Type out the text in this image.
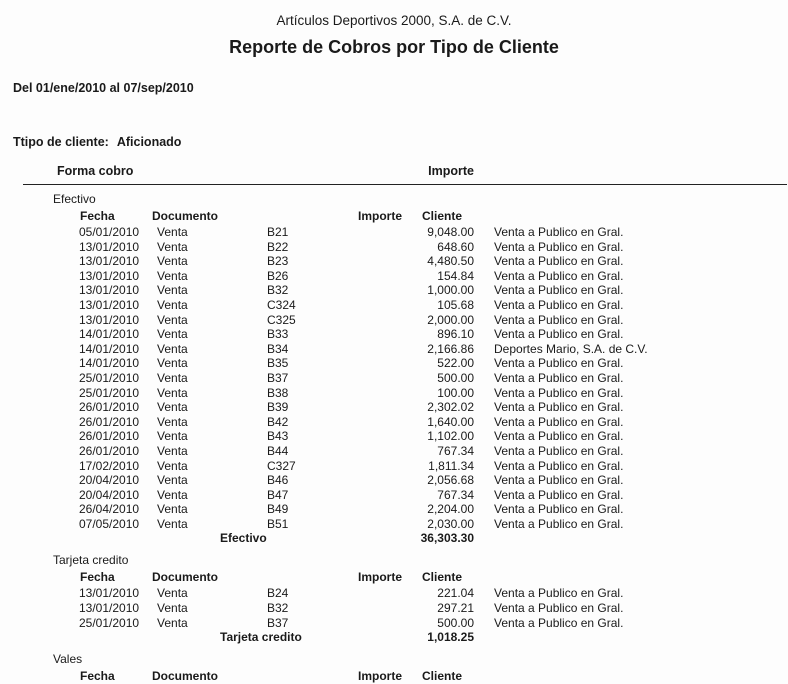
Artículos Deportivos 2000, S.A. de C.V.
Reporte de Cobros por Tipo de Cliente
Del 01/ene/2010 al 07/sep/2010
Ttipo de cliente: Aficionado
Forma cobro	Importe
Efectivo
Fecha	Documento	Importe Cliente
05/01/2010	Venta	B21	9,048.00 Venta a Publico en Gral.
13/01/2010	Venta	B22	648.60 Venta a Publico en Gral.
13/01/2010	Venta	B23	4,480.50 Venta a Publico en Gral.
13/01/2010	Venta	B26	154.84 Venta a Publico en Gral.
13/01/2010	Venta	B32	1,000.00 Venta a Publico en Gral.
13/01/2010	Venta	C324	105.68 Venta a Publico en Gral.
13/01/2010	Venta	C325	2,000.00 Venta a Publico en Gral.
14/01/2010	Venta	B33	896.10 Venta a Publico en Gral.
14/01/2010	Venta	B34	2,166.86 Deportes Mario, S.A. de C.V.
14/01/2010	Venta	B35	522.00 Venta a Publico en Gral.
25/01/2010	Venta	B37	500.00 Venta a Publico en Gral.
25/01/2010	Venta	B38	100.00 Venta a Publico en Gral.
26/01/2010	Venta	B39	2,302.02 Venta a Publico en Gral.
26/01/2010	Venta	B42	1,640.00 Venta a Publico en Gral.
26/01/2010	Venta	B43	1,102.00 Venta a Publico en Gral.
26/01/2010	Venta	B44	767.34 Venta a Publico en Gral.
17/02/2010	Venta	C327	1,811.34 Venta a Publico en Gral.
20/04/2010	Venta	B46	2,056.68 Venta a Publico en Gral.
20/04/2010	Venta	B47	767.34 Venta a Publico en Gral.
26/04/2010	Venta	B49	2,204.00 Venta a Publico en Gral.
07/05/2010	Venta	B51	2,030.00 Venta a Publico en Gral.
Efectivo	36,303.30
Tarjeta credito
Fecha	Documento	Importe Cliente
13/01/2010	Venta	B24	221.04 Venta a Publico en Gral.
13/01/2010	Venta	B32	297.21 Venta a Publico en Gral.
25/01/2010	Venta	B37	500.00 Venta a Publico en Gral.
Tarjeta credito	1,018.25
Vales
Fecha	Documento	Importe Cliente
